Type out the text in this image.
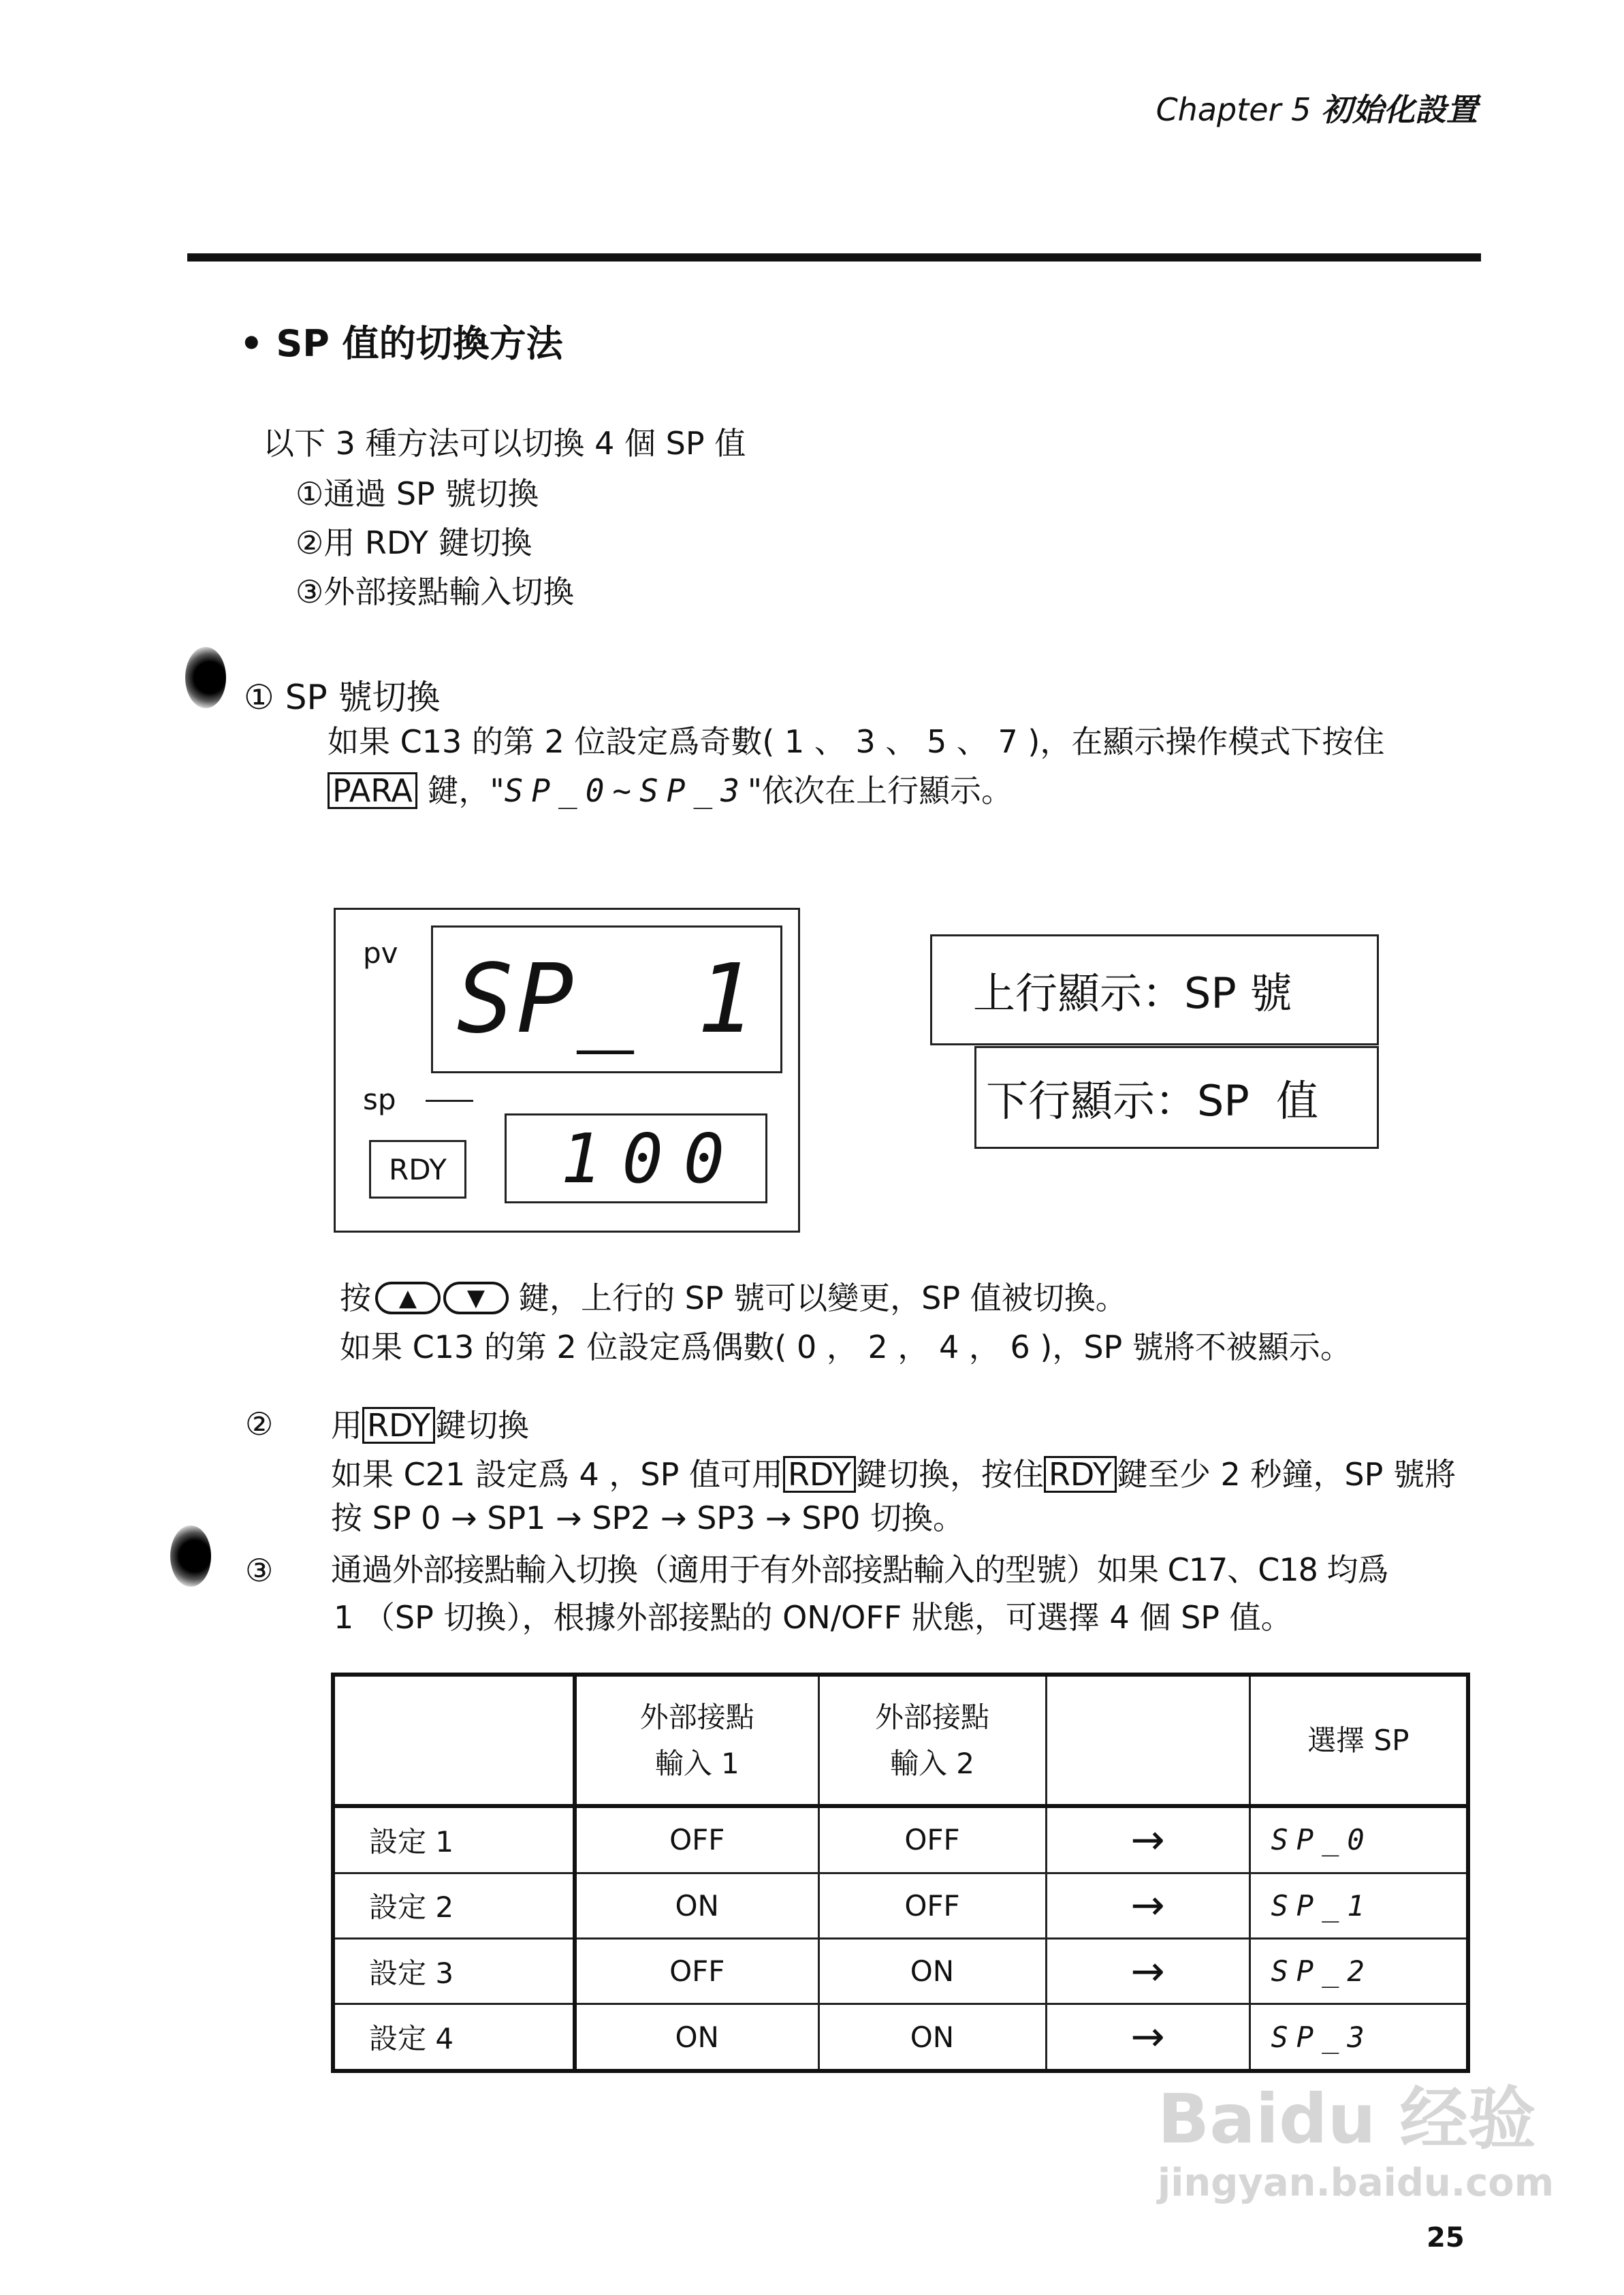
Chapter 5 初始化設置
• SP 值的切換方法
以下 3 種方法可以切換 4 個 SP 值
①通過 SP 號切換
②用 RDY 鍵切換
③外部接點輸入切換
① SP 號切換
如果 C13 的第 2 位設定爲奇數( 1 、 3 、 5 、 7 )，在顯示操作模式下按住
PARA 鍵，"SP_0~SP_3"依次在上行顯示。
pv SP_ 1
sp
RDY 100
上行顯示：SP 號
下行顯示：SP  值
按	▲	▼	鍵，上行的 SP 號可以變更，SP 值被切換。
如果 C13 的第 2 位設定爲偶數( 0 ， 2 ， 4 ， 6 )，SP 號將不被顯示。
② 用 RDY 鍵切換
如果 C21 設定爲 4 ，SP 值可用 RDY 鍵切換，按住 RDY 鍵至少 2 秒鐘，SP 號將
按 SP 0 → SP1 → SP2 → SP3 → SP0 切換。
③ 通過外部接點輸入切換（適用于有外部接點輸入的型號）如果 C17、C18 均爲
1 （SP 切換），根據外部接點的 ON/OFF 狀態，可選擇 4 個 SP 值。
	外部接點
輸入 1	外部接點
輸入 2		選擇 SP
設定 1	OFF	OFF	→	SP_0
設定 2	ON	OFF	→	SP_1
設定 3	OFF	ON	→	SP_2
設定 4	ON	ON	→	SP_3
Baidu 经验
jingyan.baidu.com
25
